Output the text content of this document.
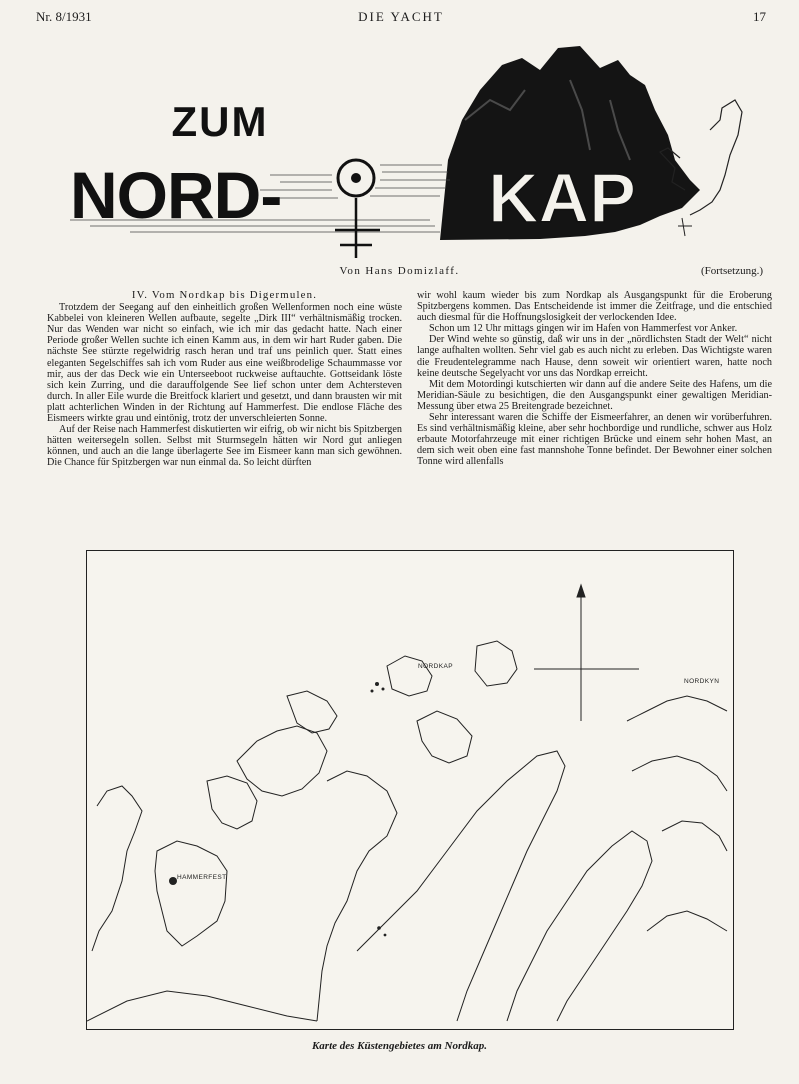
Nr. 8/1931	DIE YACHT	17
ZUM
NORD-	KAP
Von Hans Domizlaff.	(Fortsetzung.)
IV. Vom Nordkap bis Digermulen.

Trotzdem der Seegang auf den einheitlich großen Wellenformen noch eine wüste Kabbelei von kleineren Wellen aufbaute, segelte „Dirk III“ verhältnismäßig trocken. Nur das Wenden war nicht so einfach, wie ich mir das gedacht hatte. Nach einer Periode großer Wellen suchte ich einen Kamm aus, in dem wir hart Ruder gaben. Die nächste See stürzte regelwidrig rasch heran und traf uns peinlich quer. Statt eines eleganten Segelschiffes sah ich vom Ruder aus eine weißbrodelige Schaummasse vor mir, aus der das Deck wie ein Unterseeboot ruckweise auftauchte. Gottseidank löste sich kein Zurring, und die darauffolgende See lief schon unter dem Achtersteven durch. In aller Eile wurde die Breitfock klariert und gesetzt, und dann brausten wir mit platt achterlichen Winden in der Richtung auf Hammerfest. Die endlose Fläche des Eismeers wirkte grau und eintönig, trotz der unverschleierten Sonne.

Auf der Reise nach Hammerfest diskutierten wir eifrig, ob wir nicht bis Spitzbergen hätten weitersegeln sollen. Selbst mit Sturmsegeln hätten wir Nord gut anliegen können, und auch an die lange überlagerte See im Eismeer kann man sich gewöhnen. Die Chance für Spitzbergen war nun einmal da. So leicht dürften

wir wohl kaum wieder bis zum Nordkap als Ausgangspunkt für die Eroberung Spitzbergens kommen. Das Entscheidende ist immer die Zeitfrage, und die entschied auch diesmal für die Hoffnungslosigkeit der verlockenden Idee.

Schon um 12 Uhr mittags gingen wir im Hafen von Hammerfest vor Anker.

Der Wind wehte so günstig, daß wir uns in der „nördlichsten Stadt der Welt“ nicht lange aufhalten wollten. Sehr viel gab es auch nicht zu erleben. Das Wichtigste waren die Freudentelegramme nach Hause, denn soweit wir orientiert waren, hatte noch keine deutsche Segelyacht vor uns das Nordkap erreicht.

Mit dem Motordingi kutschierten wir dann auf die andere Seite des Hafens, um die Meridian-Säule zu besichtigen, die den Ausgangspunkt einer gewaltigen Meridian-Messung über etwa 25 Breitengrade bezeichnet.

Sehr interessant waren die Schiffe der Eismeerfahrer, an denen wir vorüberfuhren. Es sind verhältnismäßig kleine, aber sehr hochbordige und rundliche, schwer aus Holz erbaute Motorfahrzeuge mit einer richtigen Brücke und einem sehr hohen Mast, an dem sich weit oben eine fast mannshohe Tonne befindet. Der Bewohner einer solchen Tonne wird allenfalls

NORDKAP
NORDKYN
HAMMERFEST
Karte des Küstengebietes am Nordkap.
